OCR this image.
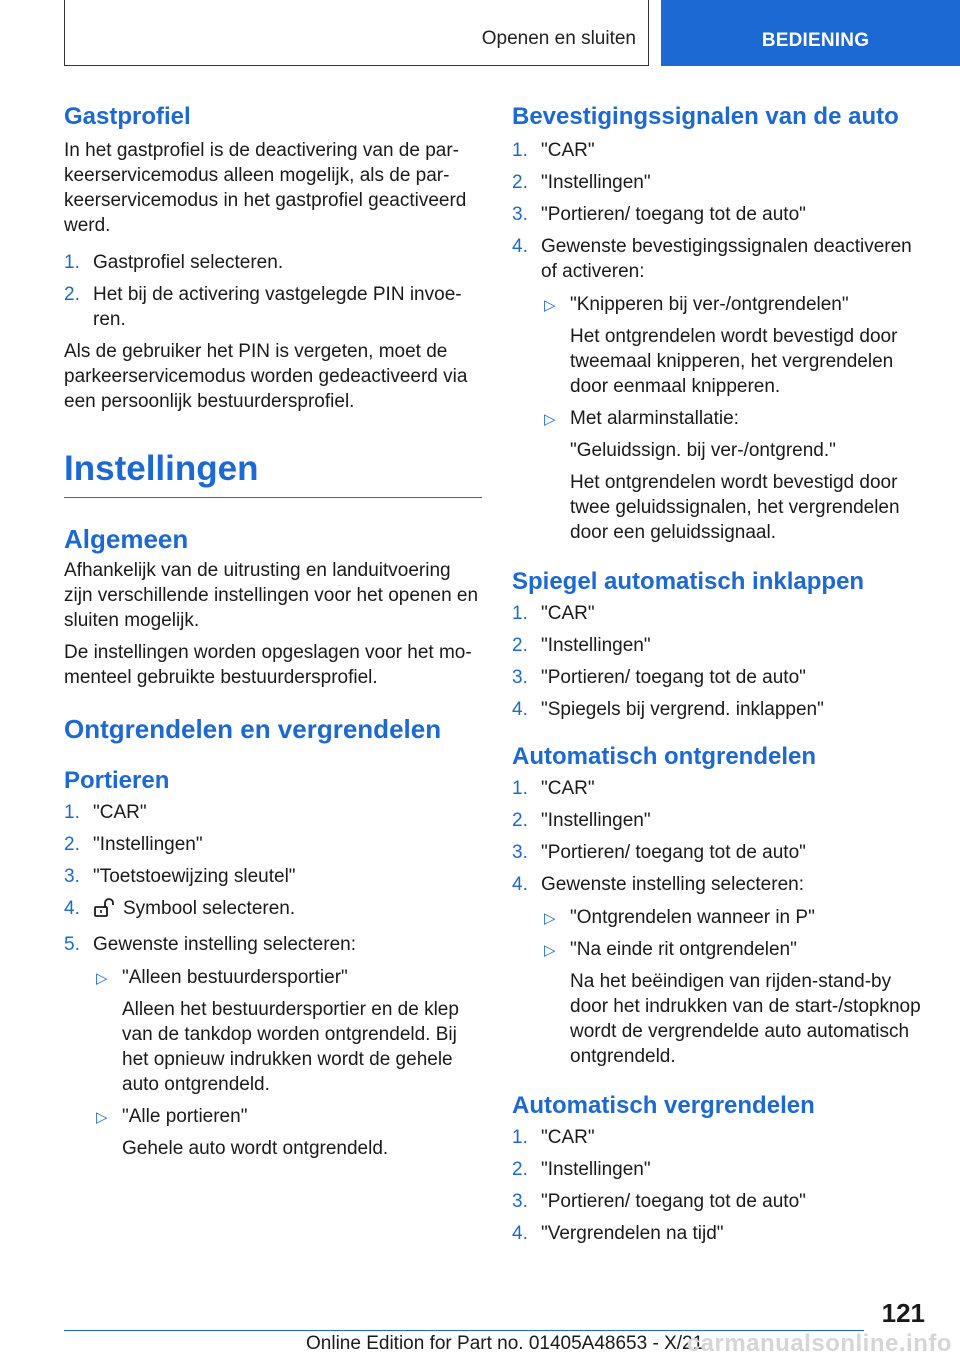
Openen en sluiten	BEDIENING
Gastprofiel

In het gastprofiel is de deactivering van de par-keerservicemodus alleen mogelijk, als de par-keerservicemodus in het gastprofiel geactiveerd werd.

1. Gastprofiel selecteren.
2. Het bij de activering vastgelegde PIN invoe-ren.

Als de gebruiker het PIN is vergeten, moet de parkeerservicemodus worden gedeactiveerd via een persoonlijk bestuurdersprofiel.

Instellingen
Algemeen

Afhankelijk van de uitrusting en landuitvoering zijn verschillende instellingen voor het openen en sluiten mogelijk.

De instellingen worden opgeslagen voor het mo-menteel gebruikte bestuurdersprofiel.

Ontgrendelen en vergrendelen
Portieren
1. "CAR"
2. "Instellingen"
3. "Toetstoewijzing sleutel"
4. Symbool selecteren.
5. Gewenste instelling selecteren:
▷ "Alleen bestuurdersportier"
Alleen het bestuurdersportier en de klep van de tankdop worden ontgrendeld. Bij het opnieuw indrukken wordt de gehele auto ontgrendeld.
▷ "Alle portieren"
Gehele auto wordt ontgrendeld.
Bevestigingssignalen van de auto
1. "CAR"
2. "Instellingen"
3. "Portieren/ toegang tot de auto"
4. Gewenste bevestigingssignalen deactiveren of activeren:
▷ "Knipperen bij ver-/ontgrendelen"
Het ontgrendelen wordt bevestigd door tweemaal knipperen, het vergrendelen door eenmaal knipperen.
▷ Met alarminstallatie:
"Geluidssign. bij ver-/ontgrend."
Het ontgrendelen wordt bevestigd door twee geluidssignalen, het vergrendelen door een geluidssignaal.
Spiegel automatisch inklappen
1. "CAR"
2. "Instellingen"
3. "Portieren/ toegang tot de auto"
4. "Spiegels bij vergrend. inklappen"
Automatisch ontgrendelen
1. "CAR"
2. "Instellingen"
3. "Portieren/ toegang tot de auto"
4. Gewenste instelling selecteren:
▷ "Ontgrendelen wanneer in P"
▷ "Na einde rit ontgrendelen"
Na het beëindigen van rijden-stand-by door het indrukken van de start-/stopknop wordt de vergrendelde auto automatisch ontgrendeld.
Automatisch vergrendelen
1. "CAR"
2. "Instellingen"
3. "Portieren/ toegang tot de auto"
4. "Vergrendelen na tijd"
121
Online Edition for Part no. 01405A48653 - X/21
carmanualsonline.info
